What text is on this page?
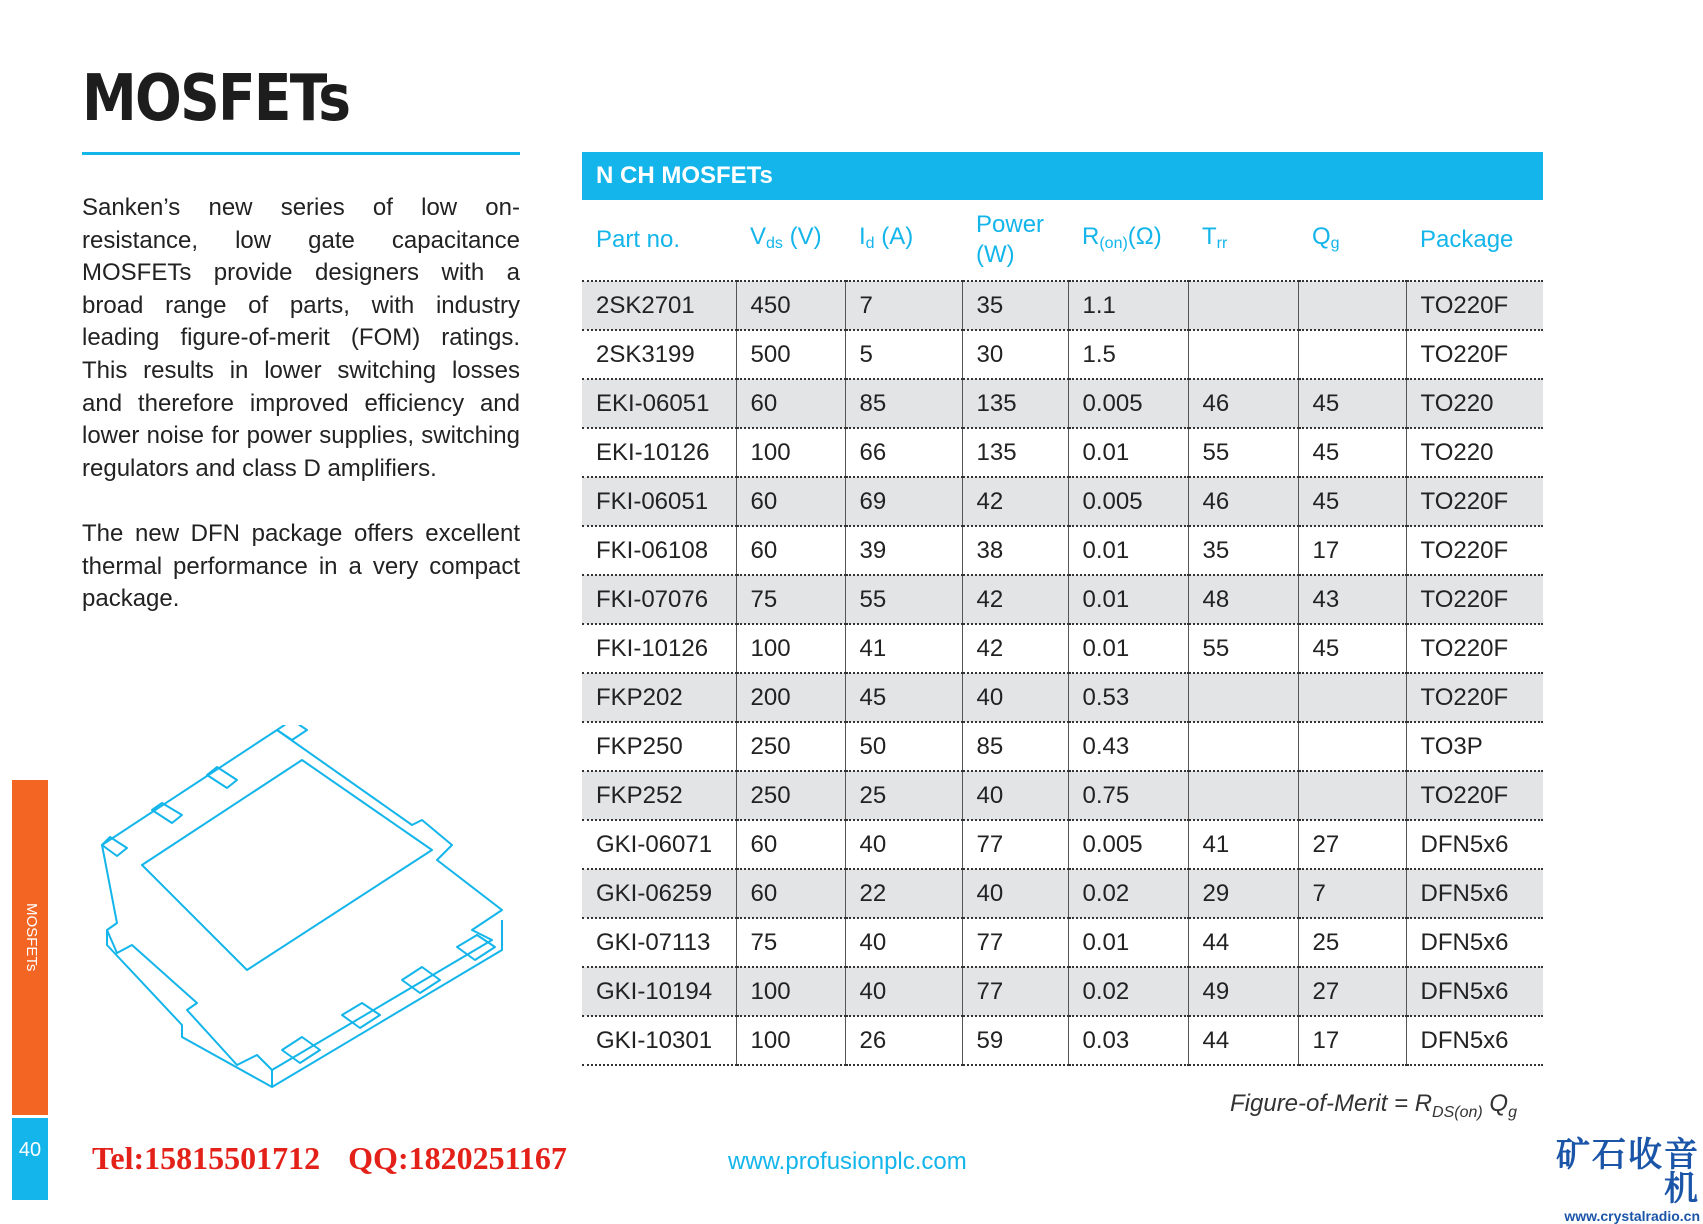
MOSFETs

Sanken’s new series of low on-resistance, low gate capacitance MOSFETs provide designers with a broad range of parts, with industry leading figure-of-merit (FOM) ratings. This results in lower switching losses and therefore improved efficiency and lower noise for power supplies, switching regulators and class D amplifiers.

The new DFN package offers excellent thermal performance in a very compact package.

N CH MOSFETs
Part no.	$V_{ds}$ (V)	$I_d$ (A)	Power
(W)	$R_{(on)}(\Omega)$	$T_{rr}$	$Q_g$	Package
2SK2701	450	7	35	1.1			TO220F
2SK3199	500	5	30	1.5			TO220F
EKI-06051	60	85	135	0.005	46	45	TO220
EKI-10126	100	66	135	0.01	55	45	TO220
FKI-06051	60	69	42	0.005	46	45	TO220F
FKI-06108	60	39	38	0.01	35	17	TO220F
FKI-07076	75	55	42	0.01	48	43	TO220F
FKI-10126	100	41	42	0.01	55	45	TO220F
FKP202	200	45	40	0.53			TO220F
FKP250	250	50	85	0.43			TO3P
FKP252	250	25	40	0.75			TO220F
GKI-06071	60	40	77	0.005	41	27	DFN5x6
GKI-06259	60	22	40	0.02	29	7	DFN5x6
GKI-07113	75	40	77	0.01	44	25	DFN5x6
GKI-10194	100	40	77	0.02	49	27	DFN5x6
GKI-10301	100	26	59	0.03	44	17	DFN5x6
Figure-of-Merit = $R_{DS(on)}$ $Q_g$
MOSFETs
40 Tel:15815501712 QQ:1820251167	www.profusionplc.com	矿石收音机
www.crystalradio.cn
